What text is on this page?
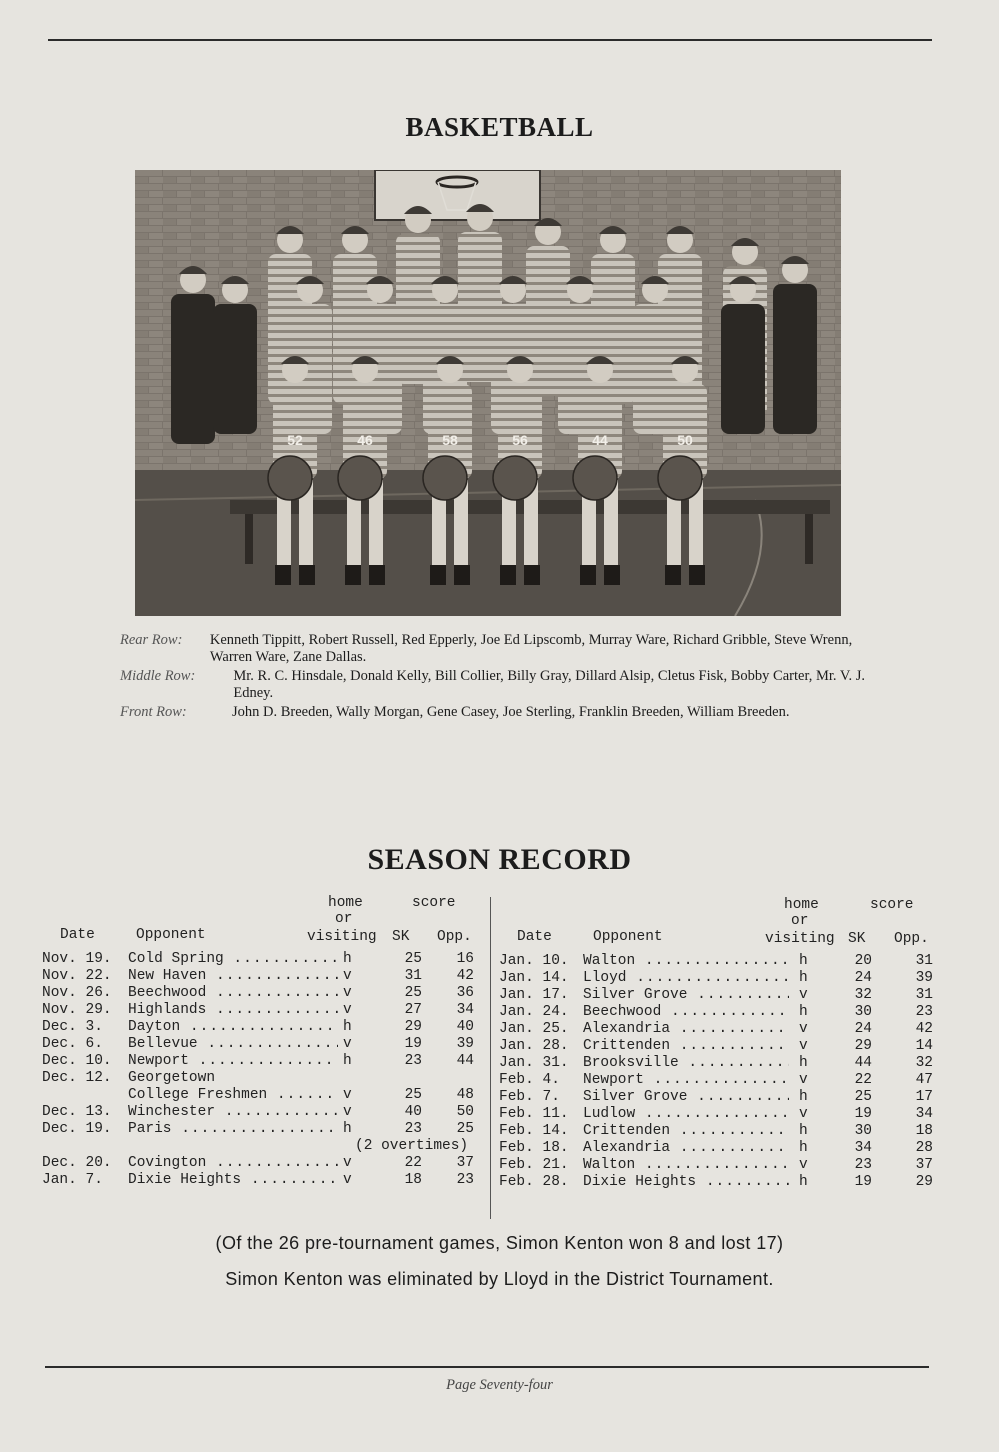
BASKETBALL
52	46	58	56	44	50
Rear Row:	Kenneth Tippitt, Robert Russell, Red Epperly, Joe Ed Lipscomb, Murray Ware, Richard Gribble, Steve Wrenn, Warren Ware, Zane Dallas.
Middle Row:	Mr. R. C. Hinsdale, Donald Kelly, Bill Collier, Billy Gray, Dillard Alsip, Cletus Fisk, Bobby Carter, Mr. V. J. Edney.
Front Row:	John D. Breeden, Wally Morgan, Gene Casey, Joe Sterling, Franklin Breeden, William Breeden.
SEASON RECORD
Date	Opponent
home
or
visiting
score
SK Opp.
Nov. 19.	Cold Spring .....	h	25	16
Nov. 22.	New Haven .....	v	31	42
Nov. 26.	Beechwood .....	v	25	36
Nov. 29.	Highlands .....	v	27	34
Dec. 3.	Dayton .....	h	29	40
Dec. 6.	Bellevue .....	v	19	39
Dec. 10.	Newport .....	h	23	44
Dec. 12.	Georgetown
College Freshmen .....	v	25	48
Dec. 13.	Winchester .....	v	40	50
Dec. 19.	Paris .....	h	23	25
(2 overtimes)
Dec. 20.	Covington .....	v	22	37
Jan. 7.	Dixie Heights .....	v	18	23
Date	Opponent
home
or
visiting
score
SK Opp.
Jan. 10. Walton .....	h	20	31
Jan. 14. Lloyd .....	h	24	39
Jan. 17. Silver Grove .....	v	32	31
Jan. 24. Beechwood .....	h	30	23
Jan. 25. Alexandria .....	v	24	42
Jan. 28. Crittenden .....	v	29	14
Jan. 31. Brooksville .....	h	44	32
Feb. 4.	Newport .....	v	22	47
Feb. 7.	Silver Grove .....	h	25	17
Feb. 11. Ludlow .....	v	19	34
Feb. 14. Crittenden .....	h	30	18
Feb. 18. Alexandria .....	h	34	28
Feb. 21. Walton .....	v	23	37
Feb. 28. Dixie Heights .....	h	19	29
(Of the 26 pre-tournament games, Simon Kenton won 8 and lost 17)
Simon Kenton was eliminated by Lloyd in the District Tournament.
Page Seventy-four
